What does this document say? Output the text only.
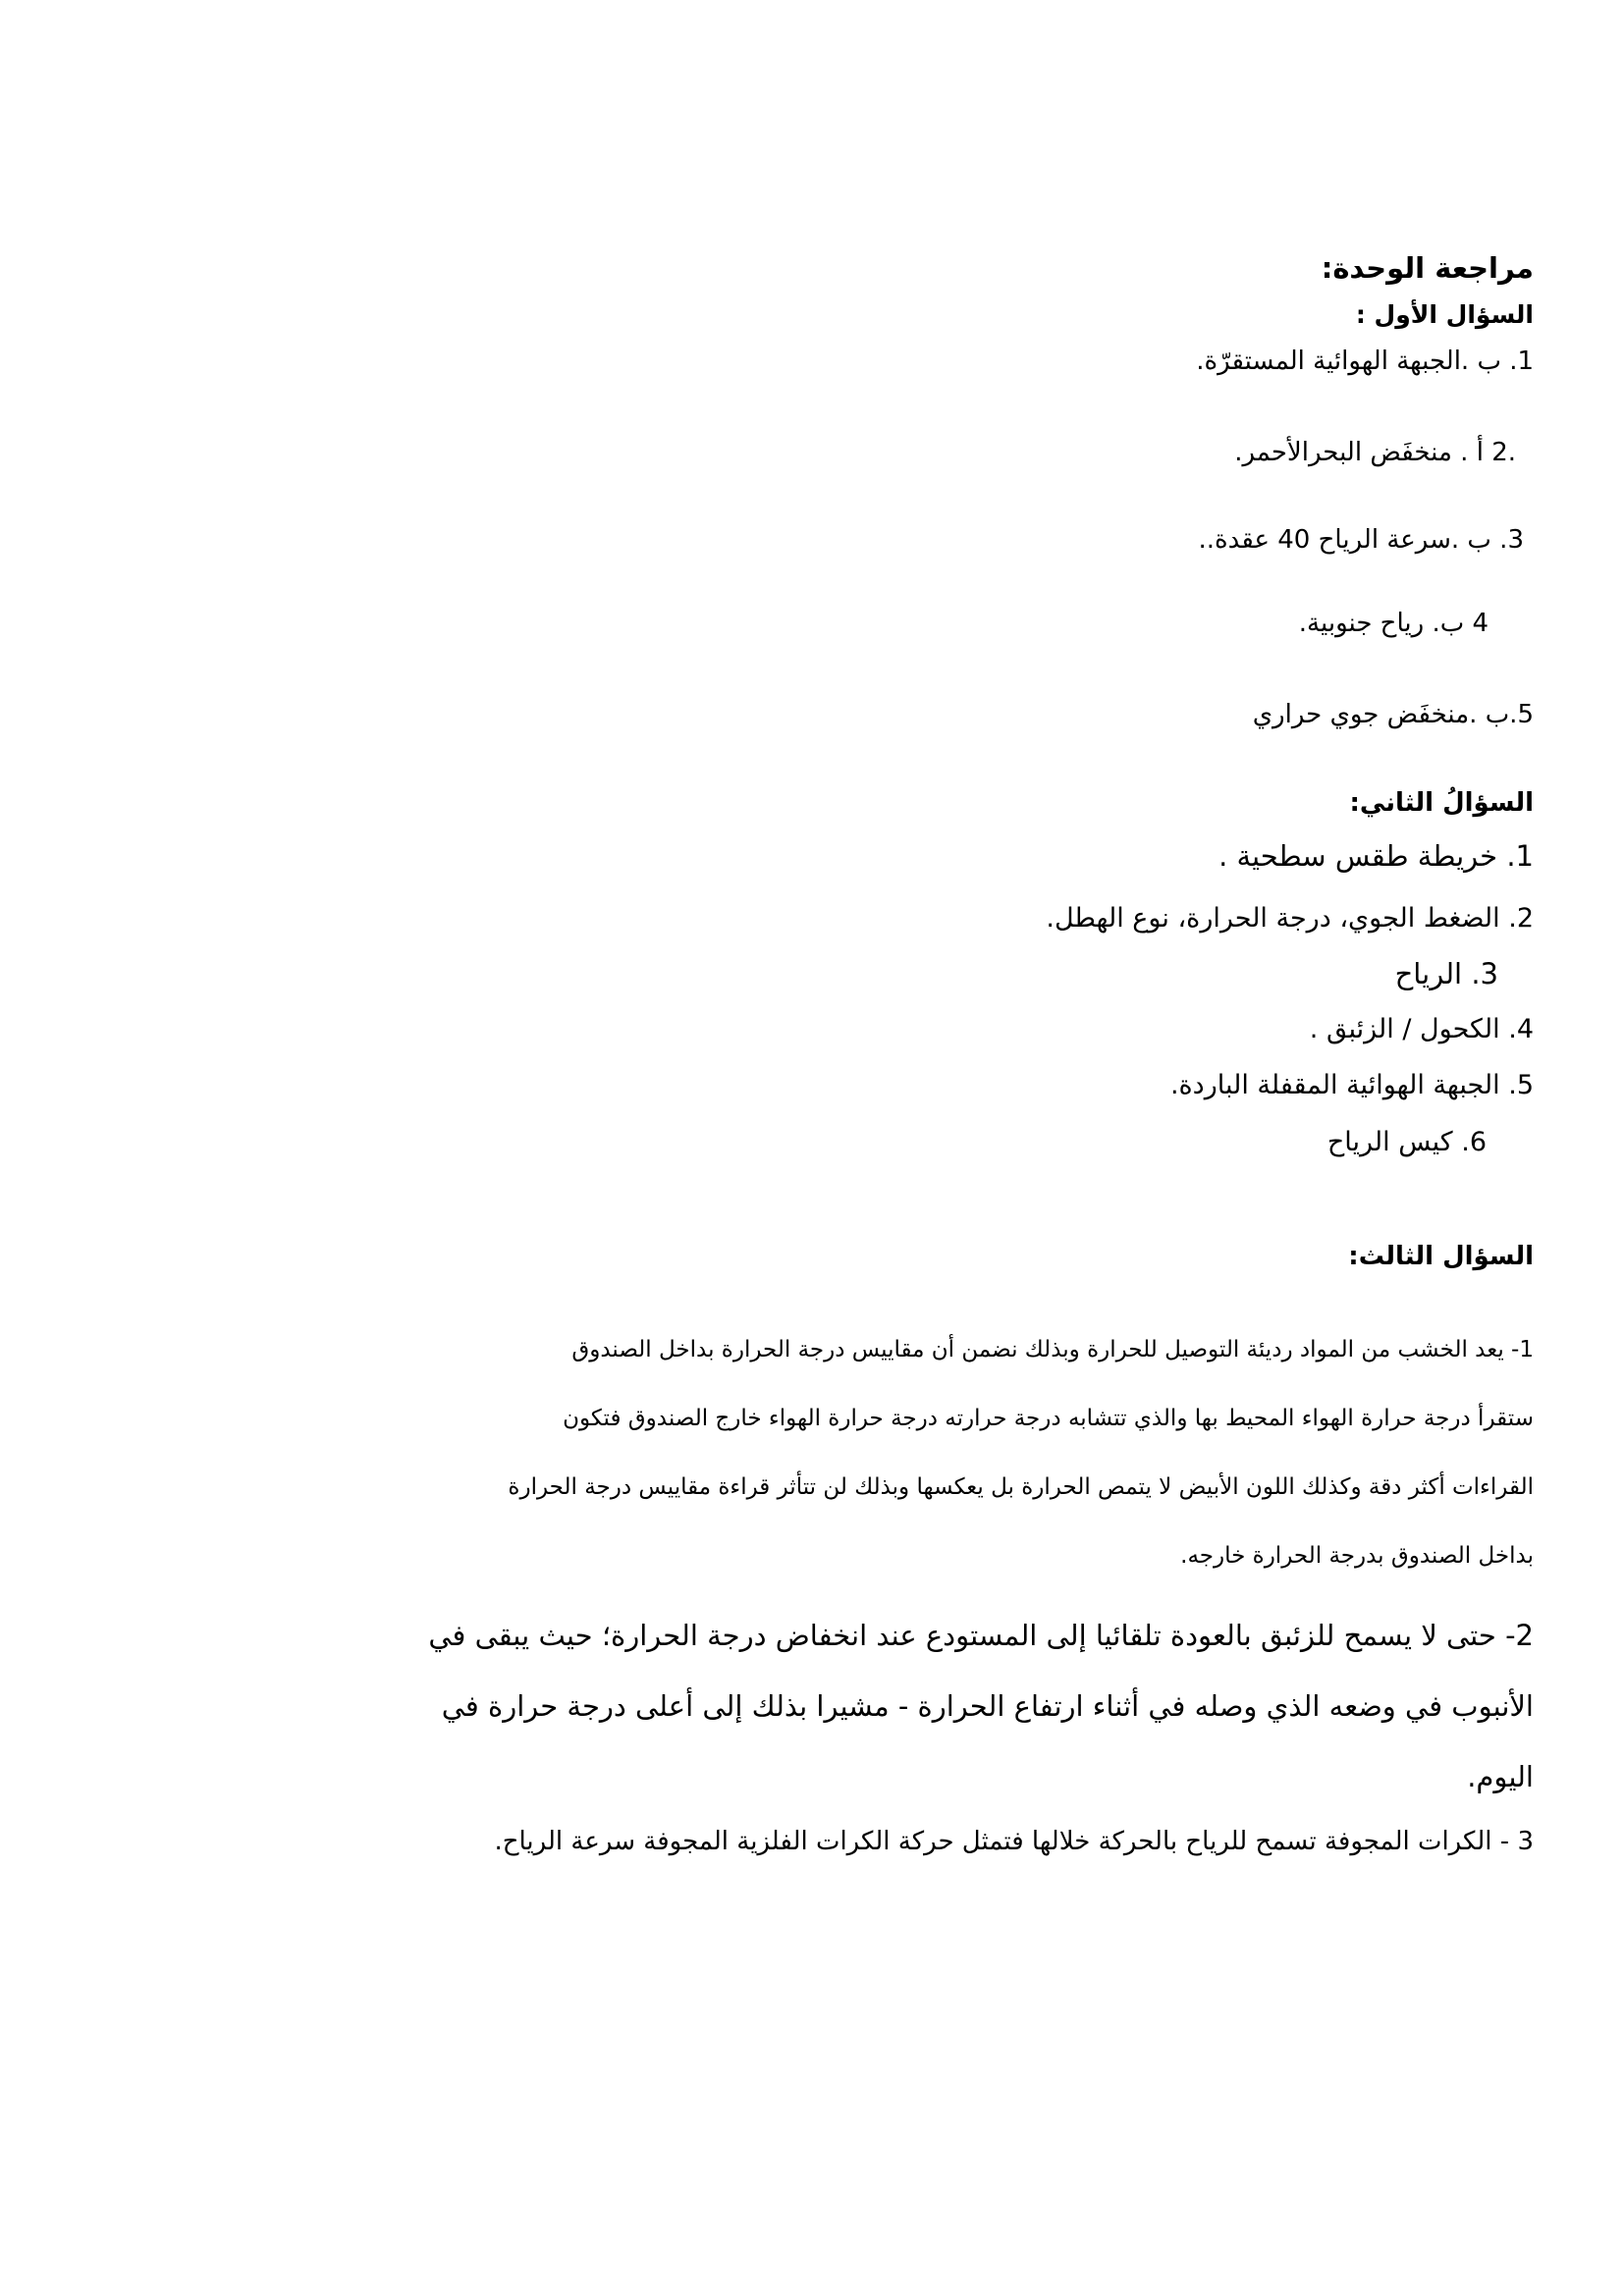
مراجعة الوحدة:
السؤال الأول :
1. ب .الجبهة الهوائية المستقرّة.
.2 أ . منخفَض البحرالأحمر.
3. ب .سرعة الرياح 40 عقدة..
4 ب. رياح جنوبية.
5.ب .منخفَض جوي حراري
السؤالُ الثاني:
1. خريطة طقس سطحية .
2. الضغط الجوي، درجة الحرارة، نوع الهطل.
3. الرياح
4. الكحول / الزئبق .
5. الجبهة الهوائية المقفلة الباردة.
6. كيس الرياح
السؤال الثالث:
1- يعد الخشب من المواد رديئة التوصيل للحرارة وبذلك نضمن أن مقاييس درجة الحرارة بداخل الصندوق
ستقرأ درجة حرارة الهواء المحيط بها والذي تتشابه درجة حرارته درجة حرارة الهواء خارج الصندوق فتكون
القراءات أكثر دقة وكذلك اللون الأبيض لا يتمص الحرارة بل يعكسها وبذلك لن تتأثر قراءة مقاييس درجة الحرارة
بداخل الصندوق بدرجة الحرارة خارجه.
2- حتى لا يسمح للزئبق بالعودة تلقائيا إلى المستودع عند انخفاض درجة الحرارة؛ حيث يبقى في
الأنبوب في وضعه الذي وصله في أثناء ارتفاع الحرارة - مشيرا بذلك إلى أعلى درجة حرارة في
اليوم.
3 - الكرات المجوفة تسمح للرياح بالحركة خلالها فتمثل حركة الكرات الفلزية المجوفة سرعة الرياح.
